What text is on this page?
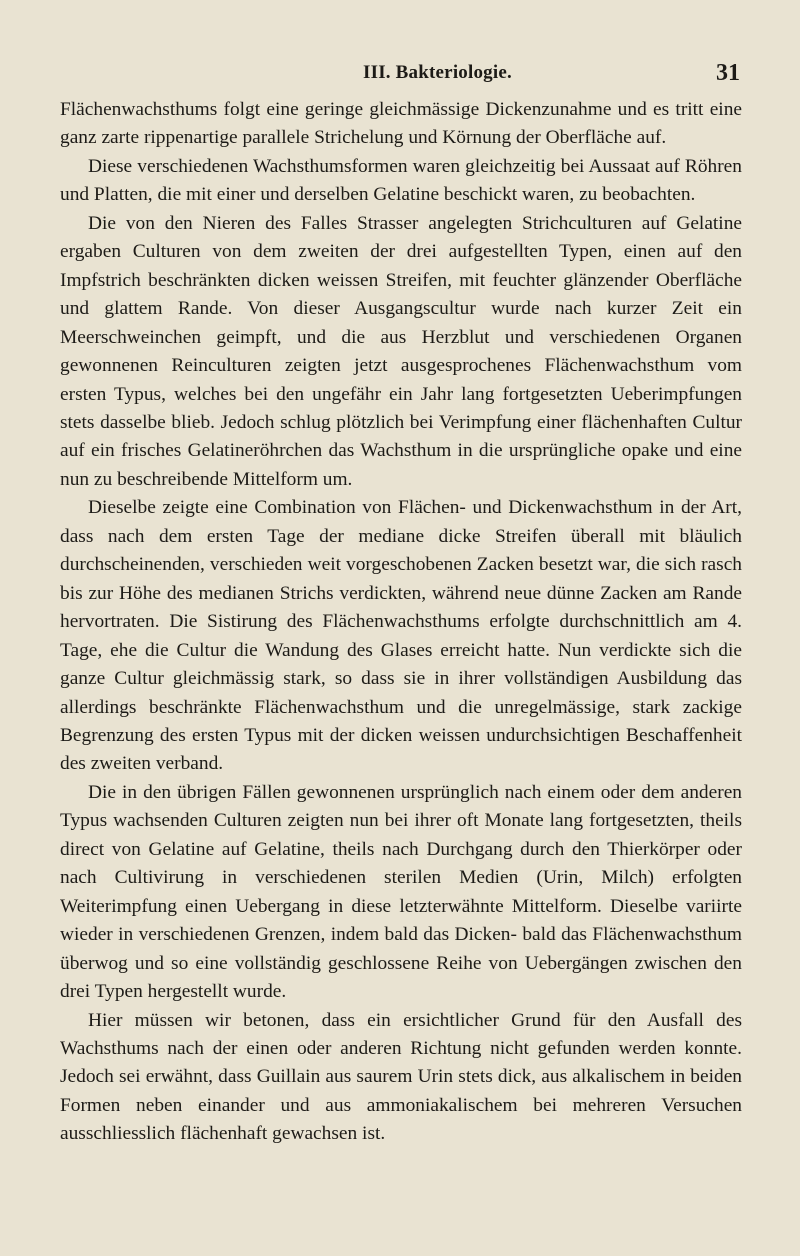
III. Bakteriologie.	31

Flächenwachsthums folgt eine geringe gleichmässige Dickenzunahme und es tritt eine ganz zarte rippenartige parallele Strichelung und Körnung der Oberfläche auf.

Diese verschiedenen Wachsthumsformen waren gleichzeitig bei Aussaat auf Röhren und Platten, die mit einer und derselben Gelatine beschickt waren, zu beobachten.

Die von den Nieren des Falles Strasser angelegten Strichculturen auf Gelatine ergaben Culturen von dem zweiten der drei aufgestellten Typen, einen auf den Impfstrich beschränkten dicken weissen Streifen, mit feuchter glänzender Oberfläche und glattem Rande. Von dieser Ausgangscultur wurde nach kurzer Zeit ein Meerschweinchen geimpft, und die aus Herzblut und verschiedenen Organen gewonnenen Reinculturen zeigten jetzt ausgesprochenes Flächenwachsthum vom ersten Typus, welches bei den ungefähr ein Jahr lang fortgesetzten Ueberimpfungen stets dasselbe blieb. Jedoch schlug plötzlich bei Verimpfung einer flächenhaften Cultur auf ein frisches Gelatineröhrchen das Wachsthum in die ursprüngliche opake und eine nun zu beschreibende Mittelform um.

Dieselbe zeigte eine Combination von Flächen- und Dickenwachsthum in der Art, dass nach dem ersten Tage der mediane dicke Streifen überall mit bläulich durchscheinenden, verschieden weit vorgeschobenen Zacken besetzt war, die sich rasch bis zur Höhe des medianen Strichs verdickten, während neue dünne Zacken am Rande hervortraten. Die Sistirung des Flächenwachsthums erfolgte durchschnittlich am 4. Tage, ehe die Cultur die Wandung des Glases erreicht hatte. Nun verdickte sich die ganze Cultur gleichmässig stark, so dass sie in ihrer vollständigen Ausbildung das allerdings beschränkte Flächenwachsthum und die unregelmässige, stark zackige Begrenzung des ersten Typus mit der dicken weissen undurchsichtigen Beschaffenheit des zweiten verband.

Die in den übrigen Fällen gewonnenen ursprünglich nach einem oder dem anderen Typus wachsenden Culturen zeigten nun bei ihrer oft Monate lang fortgesetzten, theils direct von Gelatine auf Gelatine, theils nach Durchgang durch den Thierkörper oder nach Cultivirung in verschiedenen sterilen Medien (Urin, Milch) erfolgten Weiterimpfung einen Uebergang in diese letzterwähnte Mittelform. Dieselbe variirte wieder in verschiedenen Grenzen, indem bald das Dicken- bald das Flächenwachsthum überwog und so eine vollständig geschlossene Reihe von Uebergängen zwischen den drei Typen hergestellt wurde.

Hier müssen wir betonen, dass ein ersichtlicher Grund für den Ausfall des Wachsthums nach der einen oder anderen Richtung nicht gefunden werden konnte. Jedoch sei erwähnt, dass Guillain aus saurem Urin stets dick, aus alkalischem in beiden Formen neben einander und aus ammoniakalischem bei mehreren Versuchen ausschliesslich flächenhaft gewachsen ist.
